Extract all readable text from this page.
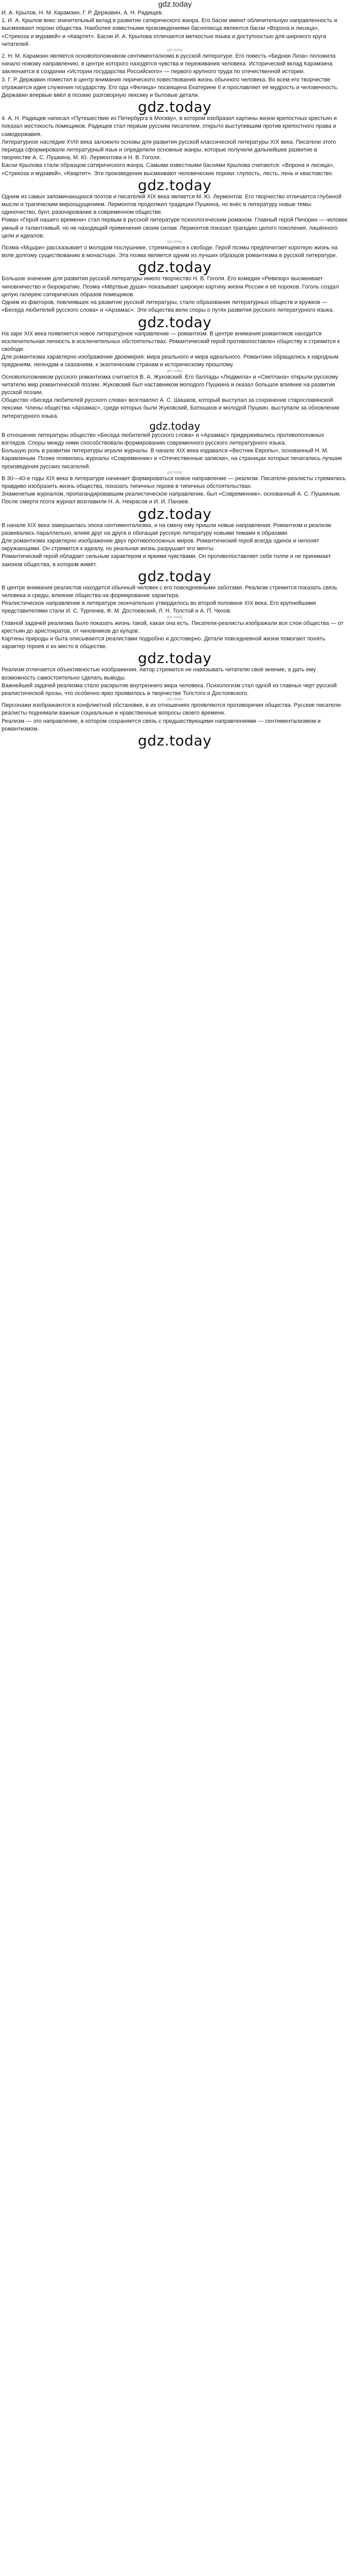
gdz.today

И. А. Крылов, Н. М. Карамзин, Г. Р. Державин, А. Н. Радищев.

1. И. А. Крылов внес значительный вклад в развитие сатирического жанра. Его басни имеют обличительную направленность и высмеивают пороки общества. Наиболее известными произведениями баснописца являются басни «Ворона и лисица», «Стрекоза и муравей» и «Квартет». Басни И. А. Крылова отличаются меткостью языка и доступностью для широкого круга читателей.

gdz.today

2. Н. М. Карамзин является основоположником сентиментализма в русской литературе. Его повесть «Бедная Лиза» положила начало новому направлению, в центре которого находятся чувства и переживания человека. Исторический вклад Карамзина заключается в создании «Истории государства Российского» — первого крупного труда по отечественной истории.

3. Г. Р. Державин поместил в центр внимания лирического повествования жизнь обычного человека. Во всем его творчестве отражается идея служения государству. Его ода «Фелица» посвящена Екатерине II и прославляет её мудрость и человечность. Державин впервые ввёл в поэзию разговорную лексику и бытовые детали.

gdz.today

4. А. Н. Радищев написал «Путешествие из Петербурга в Москву», в котором изобразил картины жизни крепостных крестьян и показал жестокость помещиков. Радищев стал первым русским писателем, открыто выступившим против крепостного права и самодержавия.

Литературное наследие XVIII века заложило основы для развития русской классической литературы XIX века. Писатели этого периода сформировали литературный язык и определили основные жанры, которые получили дальнейшее развитие в творчестве А. С. Пушкина, М. Ю. Лермонтова и Н. В. Гоголя.

Басни Крылова стали образцом сатирического жанра. Самыми известными баснями Крылова считаются: «Ворона и лисица», «Стрекоза и муравей», «Квартет». Эти произведения высмеивают человеческие пороки: глупость, лесть, лень и хвастовство.

gdz.today

Одним из самых запоминающихся поэтов и писателей XIX века является М. Ю. Лермонтов. Его творчество отличается глубиной мысли и трагическим мироощущением. Лермонтов продолжил традиции Пушкина, но внёс в литературу новые темы: одиночество, бунт, разочарование в современном обществе.

Роман «Герой нашего времени» стал первым в русской литературе психологическим романом. Главный герой Печорин — человек умный и талантливый, но не находящий применения своим силам. Лермонтов показал трагедию целого поколения, лишённого цели и идеалов.

gdz.today

Поэма «Мцыри» рассказывает о молодом послушнике, стремящемся к свободе. Герой поэмы предпочитает короткую жизнь на воле долгому существованию в монастыре. Эта поэма является одним из лучших образцов романтизма в русской литературе.

gdz.today

Большое значение для развития русской литературы имело творчество Н. В. Гоголя. Его комедия «Ревизор» высмеивает чиновничество и бюрократию. Поэма «Мёртвые души» показывает широкую картину жизни России и её пороков. Гоголь создал целую галерею сатирических образов помещиков.

Одним из факторов, повлиявших на развитие русской литературы, стало образование литературных обществ и кружков — «Беседа любителей русского слова» и «Арзамас». Эти общества вели споры о путях развития русского литературного языка.

gdz.today

На заре XIX века появляется новое литературное направление — романтизм. В центре внимания романтиков находится исключительная личность в исключительных обстоятельствах. Романтический герой противопоставлен обществу и стремится к свободе.

Для романтизма характерно изображение двоемирия: мира реального и мира идеального. Романтики обращались к народным преданиям, легендам и сказаниям, к экзотическим странам и историческому прошлому.

gdz.today

Основоположником русского романтизма считается В. А. Жуковский. Его баллады «Людмила» и «Светлана» открыли русскому читателю мир романтической поэзии. Жуковский был наставником молодого Пушкина и оказал большое влияние на развитие русской поэзии.

Общество «Беседа любителей русского слова» возглавлял А. С. Шишков, который выступал за сохранение старославянской лексики. Члены общества «Арзамас», среди которых были Жуковский, Батюшков и молодой Пушкин, выступали за обновление литературного языка.

gdz.today

В отношении литературы общество «Беседа любителей русского слова» и «Арзамас» придерживались противоположных взглядов. Споры между ними способствовали формированию современного русского литературного языка.

Большую роль в развитии литературы играли журналы. В начале XIX века издавался «Вестник Европы», основанный Н. М. Карамзиным. Позже появились журналы «Современник» и «Отечественные записки», на страницах которых печатались лучшие произведения русских писателей.

gdz.today

В 30—40-е годы XIX века в литературе начинает формироваться новое направление — реализм. Писатели-реалисты стремились правдиво изобразить жизнь общества, показать типичных героев в типичных обстоятельствах.

Знаменитым журналом, пропагандировавшим реалистическое направление, был «Современник», основанный А. С. Пушкиным. После смерти поэта журнал возглавили Н. А. Некрасов и И. И. Панаев.

gdz.today

В начале XIX века завершилась эпоха сентиментализма, и на смену ему пришли новые направления. Романтизм и реализм развивались параллельно, влияя друг на друга и обогащая русскую литературу новыми темами и образами.

Для романтизма характерно изображение двух противоположных миров. Романтический герой всегда одинок и непонят окружающими. Он стремится к идеалу, но реальная жизнь разрушает его мечты.

Романтический герой обладает сильным характером и яркими чувствами. Он противопоставляет себя толпе и не принимает законов общества, в котором живёт.

gdz.today

В центре внимания реалистов находится обычный человек с его повседневными заботами. Реализм стремится показать связь человека и среды, влияние общества на формирование характера.

Реалистическое направление в литературе окончательно утвердилось во второй половине XIX века. Его крупнейшими представителями стали И. С. Тургенев, Ф. М. Достоевский, Л. Н. Толстой и А. П. Чехов.

gdz.today

Главной задачей реализма было показать жизнь такой, какая она есть. Писатели-реалисты изображали все слои общества — от крестьян до аристократов, от чиновников до купцов.

Картины природы и быта описываются реалистами подробно и достоверно. Детали повседневной жизни помогают понять характер героев и их место в обществе.

gdz.today

Реализм отличается объективностью изображения. Автор стремится не навязывать читателю своё мнение, а дать ему возможность самостоятельно сделать выводы.

Важнейшей задачей реализма стало раскрытие внутреннего мира человека. Психологизм стал одной из главных черт русской реалистической прозы, что особенно ярко проявилось в творчестве Толстого и Достоевского.

gdz.today

Персонажи изображаются в конфликтной обстановке, в их отношениях проявляются противоречия общества. Русские писатели-реалисты поднимали важные социальные и нравственные вопросы своего времени.

Реализм — это направление, в котором сохраняется связь с предшествующими направлениями — сентиментализмом и романтизмом.

gdz.today
